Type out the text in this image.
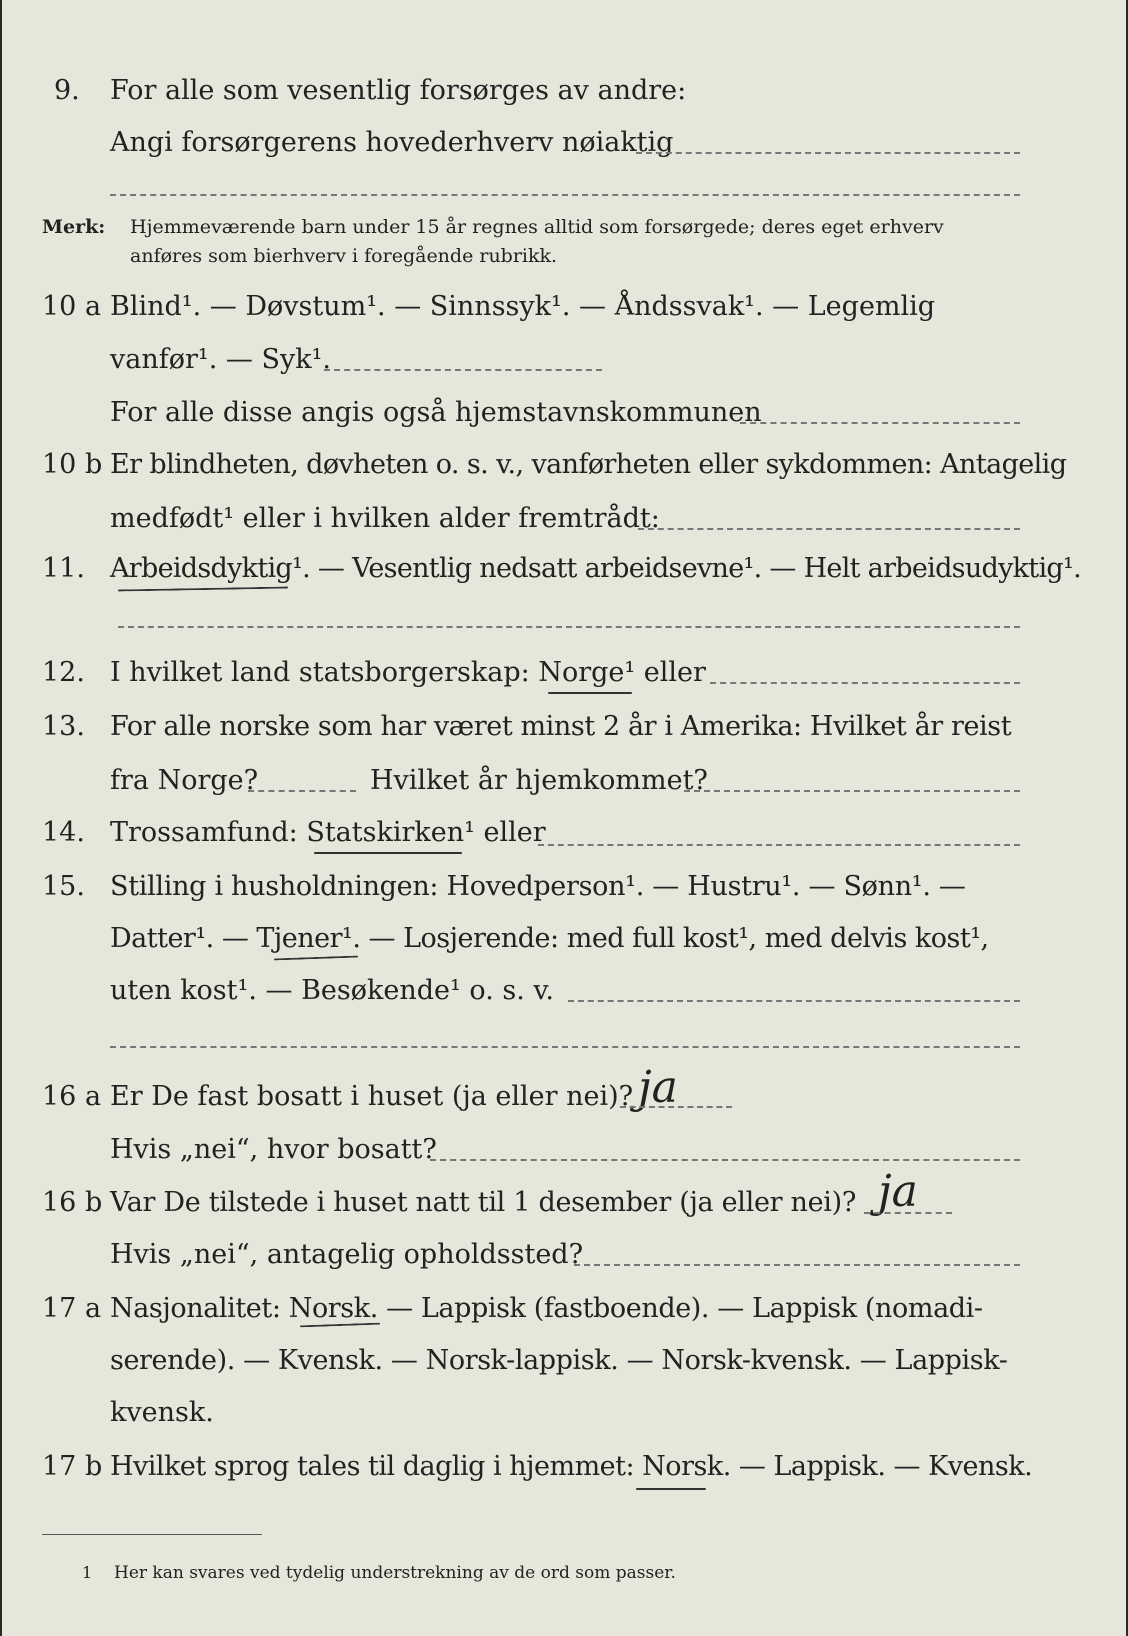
9. For alle som vesentlig forsørges av andre:
Angi forsørgerens hovederhverv nøiaktig
Merk: Hjemmeværende barn under 15 år regnes alltid som forsørgede; deres eget erhverv
anføres som bierhverv i foregående rubrikk.
10 a Blind¹. — Døvstum¹. — Sinnssyk¹. — Åndssvak¹. — Legemlig
vanfør¹. — Syk¹.
For alle disse angis også hjemstavnskommunen
10 b Er blindheten, døvheten o. s. v., vanførheten eller sykdommen: Antagelig
medfødt¹ eller i hvilken alder fremtrådt:
11. Arbeidsdyktig¹. — Vesentlig nedsatt arbeidsevne¹. — Helt arbeidsudyktig¹.
12. I hvilket land statsborgerskap: Norge¹ eller
13. For alle norske som har været minst 2 år i Amerika: Hvilket år reist
fra Norge?	Hvilket år hjemkommet?
14. Trossamfund: Statskirken¹ eller
15. Stilling i husholdningen: Hovedperson¹. — Hustru¹. — Sønn¹. —
Datter¹. — Tjener¹. — Losjerende: med full kost¹, med delvis kost¹,
uten kost¹. — Besøkende¹ o. s. v.
16 a Er De fast bosatt i huset (ja eller nei)? ja
Hvis „nei“, hvor bosatt?
16 b Var De tilstede i huset natt til 1 desember (ja eller nei)? ja
Hvis „nei“, antagelig opholdssted?
17 a Nasjonalitet: Norsk. — Lappisk (fastboende). — Lappisk (nomadi-
serende). — Kvensk. — Norsk-lappisk. — Norsk-kvensk. — Lappisk-
kvensk.
17 b Hvilket sprog tales til daglig i hjemmet: Norsk. — Lappisk. — Kvensk.
1 Her kan svares ved tydelig understrekning av de ord som passer.
